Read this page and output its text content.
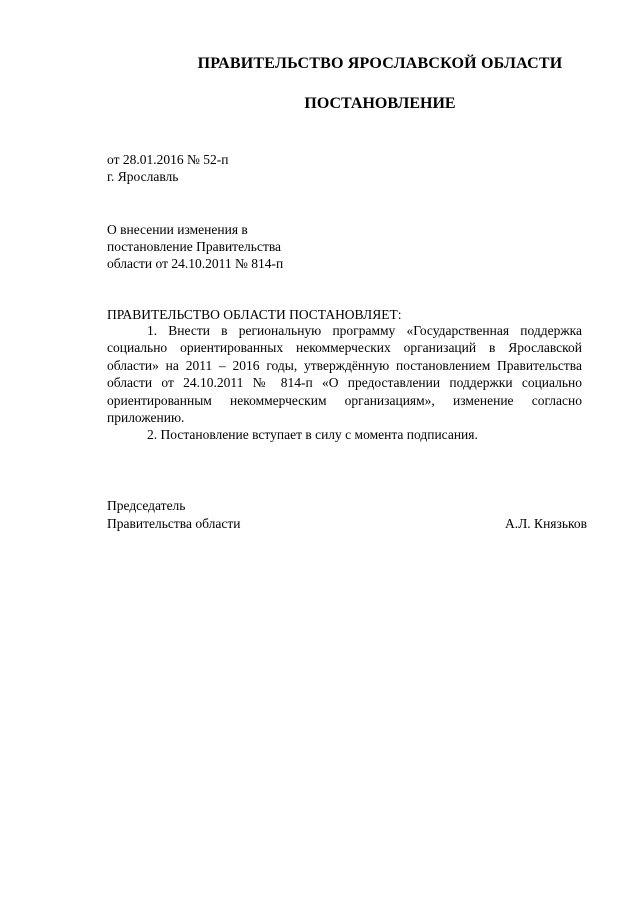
ПРАВИТЕЛЬСТВО ЯРОСЛАВСКОЙ ОБЛАСТИ
ПОСТАНОВЛЕНИЕ
от 28.01.2016 № 52-п
г. Ярославль
О внесении изменения в
постановление Правительства
области от 24.10.2011 № 814-п
ПРАВИТЕЛЬСТВО ОБЛАСТИ ПОСТАНОВЛЯЕТ:

1. Внести в региональную программу «Государственная поддержка социально ориентированных некоммерческих организаций в Ярославской области» на 2011 – 2016 годы, утверждённую постановлением Правительства области от 24.10.2011 № 814-п «О предоставлении поддержки социально ориентированным некоммерческим организациям», изменение согласно приложению.

2. Постановление вступает в силу с момента подписания.

Председатель
Правительства области	А.Л. Князьков
